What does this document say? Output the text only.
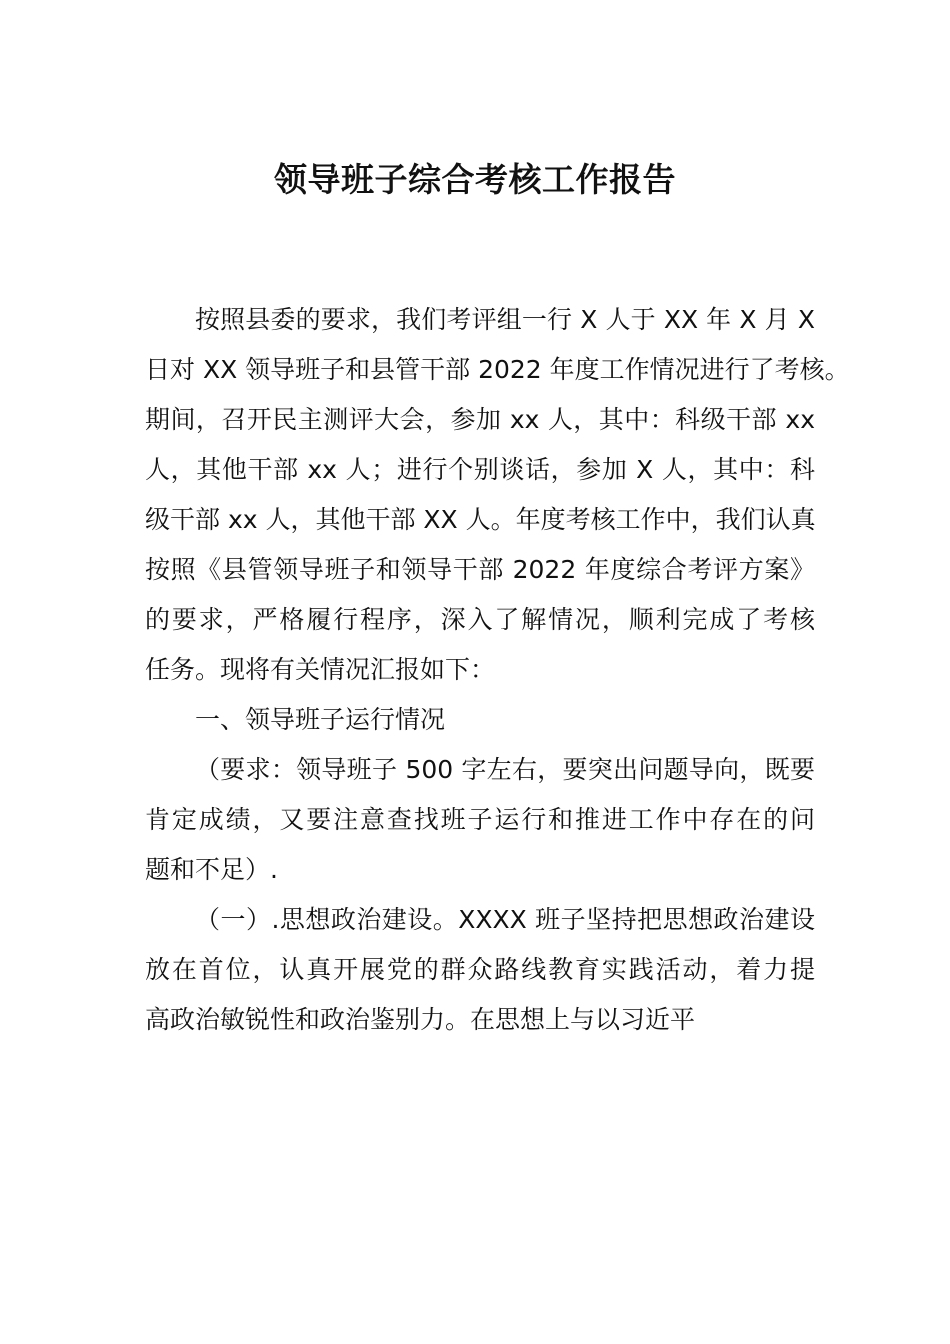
领导班子综合考核工作报告
按照县委的要求，我们考评组一行 X 人于 XX 年 X 月 X
日对 XX 领导班子和县管干部 2022 年度工作情况进行了考核。
期间，召开民主测评大会，参加 xx 人，其中：科级干部 xx
人，其他干部 xx 人；进行个别谈话，参加 X 人，其中：科
级干部 xx 人，其他干部 XX 人。年度考核工作中，我们认真
按照《县管领导班子和领导干部 2022 年度综合考评方案》
的要求，严格履行程序，深入了解情况，顺利完成了考核
任务。现将有关情况汇报如下：
一、领导班子运行情况
（要求：领导班子 500 字左右，要突出问题导向，既要
肯定成绩，又要注意查找班子运行和推进工作中存在的问
题和不足）.
（一）.思想政治建设。XXXX 班子坚持把思想政治建设
放在首位，认真开展党的群众路线教育实践活动，着力提
高政治敏锐性和政治鉴别力。在思想上与以习近平
